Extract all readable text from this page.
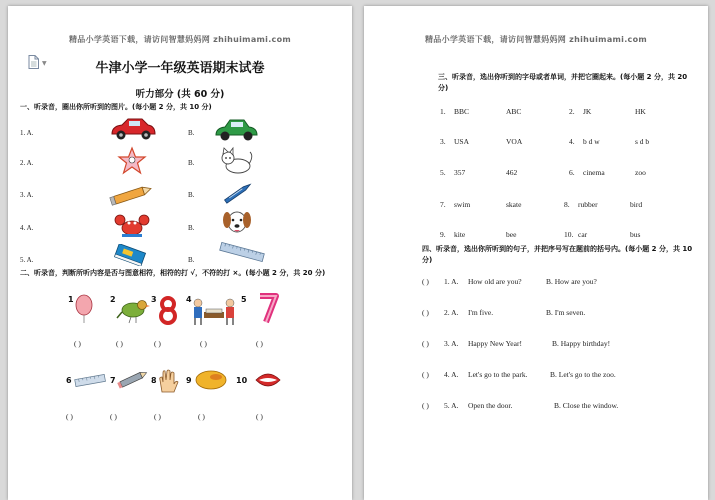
精品小学英语下载，请访问智慧妈妈网 zhihuimami.com
▼	牛津小学一年级英语期末试卷
听力部分 (共 60 分)
一、听录音，圈出你所听到的图片。(每小题 2 分，共 10 分)
1. A.	B.
2. A.	B.
3. A.	B.
4. A.	B.
5. A.	B.
二、听录音，判断所听内容是否与图意相符，相符的打 √，不符的打 ×。(每小题 2 分，共 20 分)
1	2	3	4	5
( )	( )	( )	( )	( )
6	7	8	9	10
( )	( )	( )	( )	( )
精品小学英语下载，请访问智慧妈妈网 zhihuimami.com
三、听录音，选出你听到的字母或者单词，并把它圈起来。(每小题 2 分，共 20 分)
1. BBC	ABC	2. JK	HK
3. USA	VOA	4. b d w	s d b
5. 357	462	6. cinema	zoo
7. swim	skate	8. rubber	bird
9. kite	bee	10. car	bus
四、听录音，选出你所听到的句子，并把序号写在题前的括号内。(每小题 2 分，共 10 分)
( ) 1. A. How old are you?	B. How are you?
( ) 2. A. I'm five.	B. I'm seven.
( ) 3. A. Happy New Year!	B. Happy birthday!
( ) 4. A. Let's go to the park.	B. Let's go to the zoo.
( ) 5. A. Open the door.	B. Close the window.
